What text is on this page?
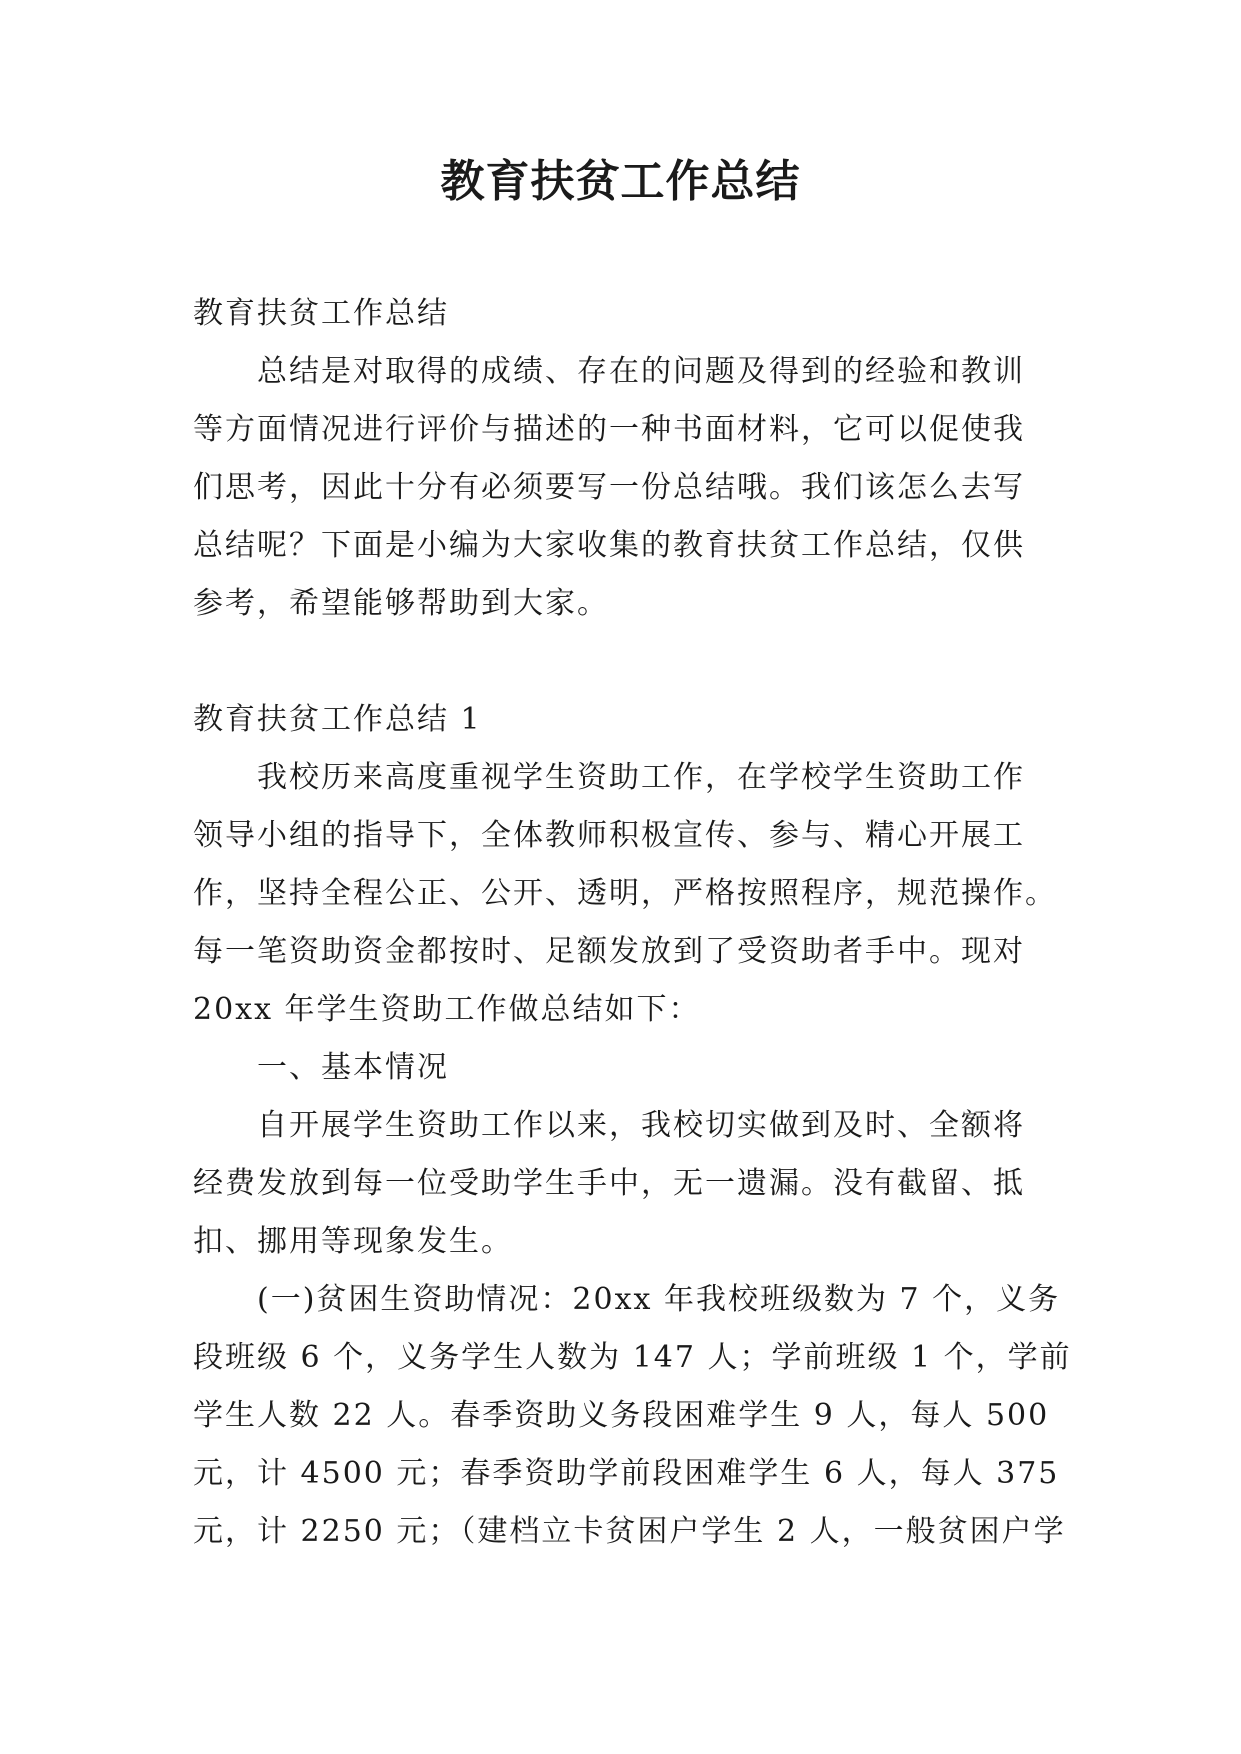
教育扶贫工作总结

教育扶贫工作总结

总结是对取得的成绩、存在的问题及得到的经验和教训

等方面情况进行评价与描述的一种书面材料，它可以促使我

们思考，因此十分有必须要写一份总结哦。我们该怎么去写

总结呢？下面是小编为大家收集的教育扶贫工作总结，仅供

参考，希望能够帮助到大家。

教育扶贫工作总结 1

我校历来高度重视学生资助工作，在学校学生资助工作

领导小组的指导下，全体教师积极宣传、参与、精心开展工

作，坚持全程公正、公开、透明，严格按照程序，规范操作。

每一笔资助资金都按时、足额发放到了受资助者手中。现对

20xx 年学生资助工作做总结如下：

一、基本情况

自开展学生资助工作以来，我校切实做到及时、全额将

经费发放到每一位受助学生手中，无一遗漏。没有截留、抵

扣、挪用等现象发生。

(一)贫困生资助情况：20xx 年我校班级数为 7 个，义务

段班级 6 个，义务学生人数为 147 人；学前班级 1 个，学前

学生人数 22 人。春季资助义务段困难学生 9 人，每人 500

元，计 4500 元；春季资助学前段困难学生 6 人，每人 375

元，计 2250 元；（建档立卡贫困户学生 2 人，一般贫困户学
